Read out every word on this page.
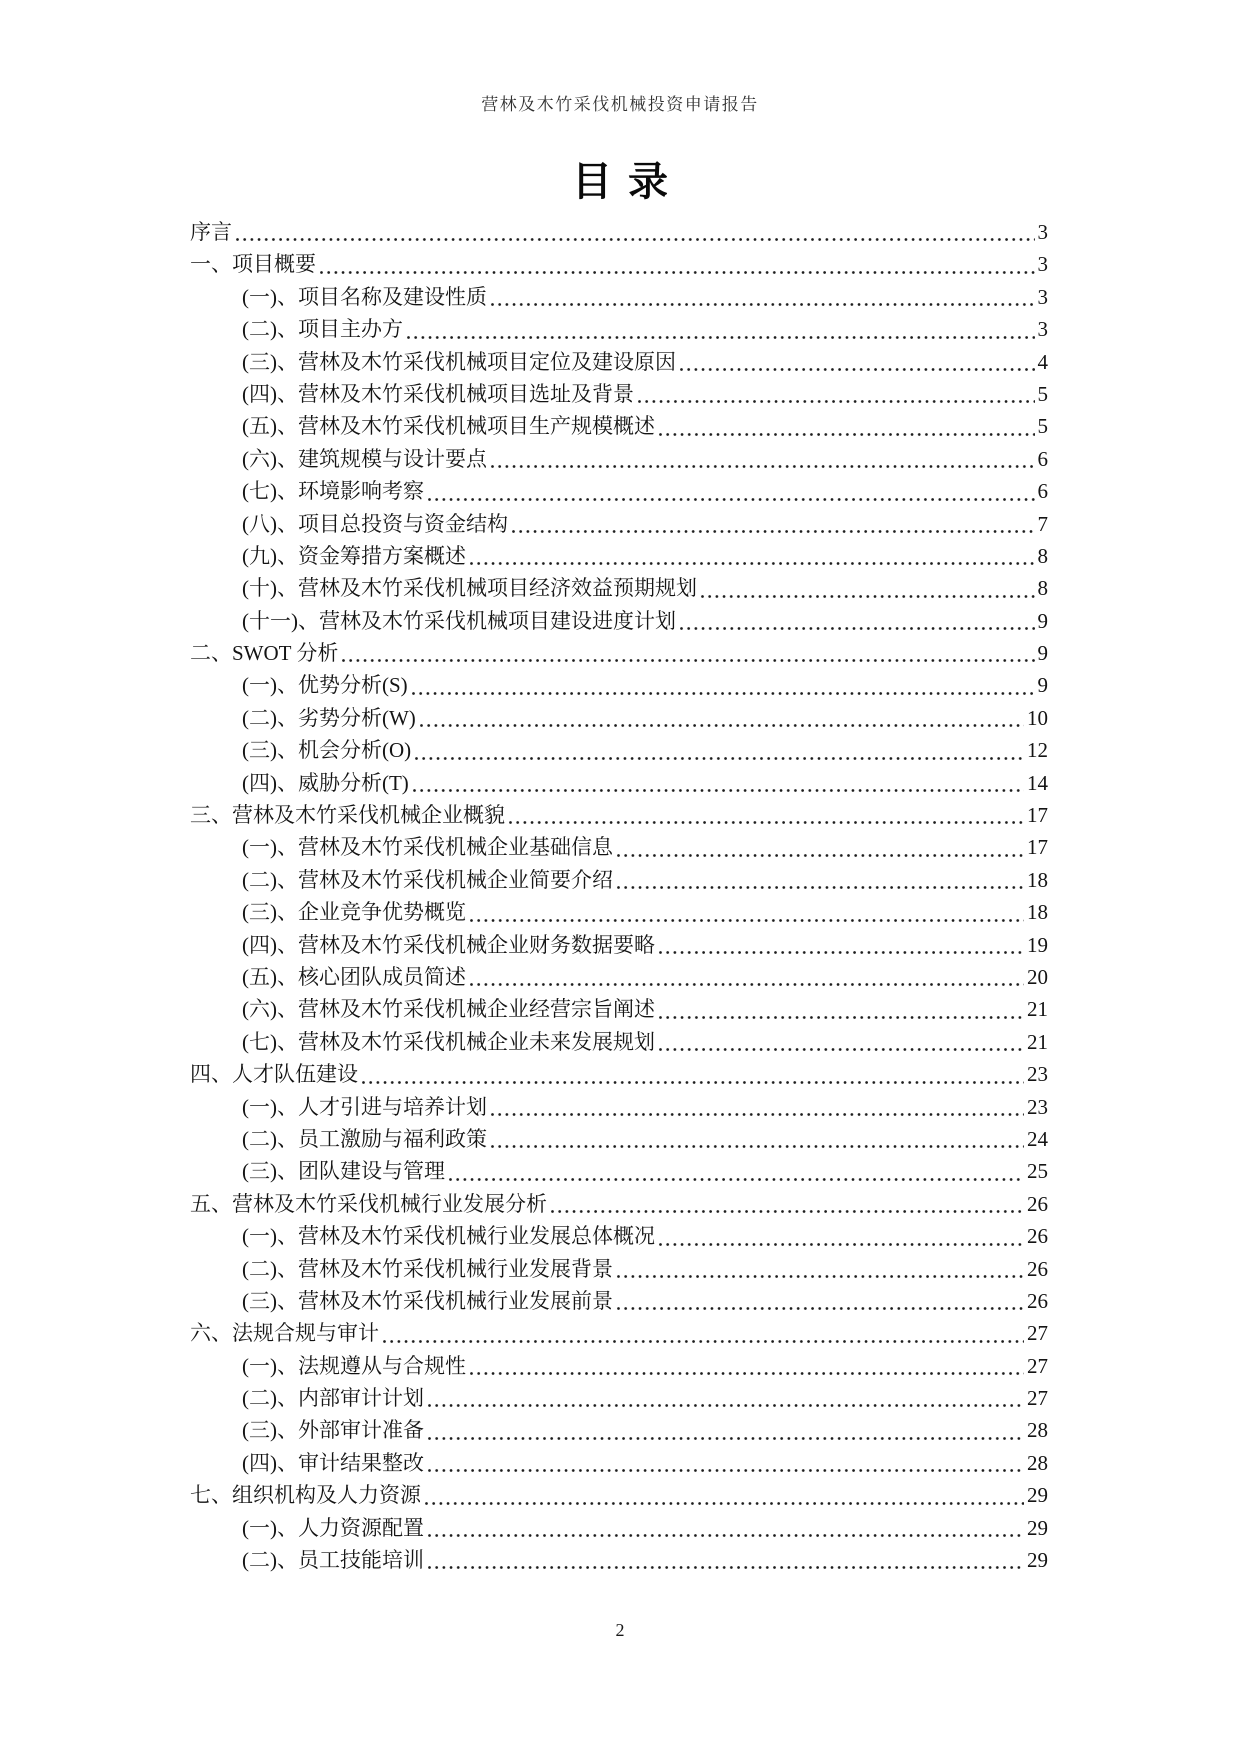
营林及木竹采伐机械投资申请报告
目 录
序言	3
一、项目概要	3
(一)、项目名称及建设性质	3
(二)、项目主办方	3
(三)、营林及木竹采伐机械项目定位及建设原因	4
(四)、营林及木竹采伐机械项目选址及背景	5
(五)、营林及木竹采伐机械项目生产规模概述	5
(六)、建筑规模与设计要点	6
(七)、环境影响考察	6
(八)、项目总投资与资金结构	7
(九)、资金筹措方案概述	8
(十)、营林及木竹采伐机械项目经济效益预期规划	8
(十一)、营林及木竹采伐机械项目建设进度计划	9
二、SWOT 分析	9
(一)、优势分析(S)	9
(二)、劣势分析(W)	10
(三)、机会分析(O)	12
(四)、威胁分析(T)	14
三、营林及木竹采伐机械企业概貌	17
(一)、营林及木竹采伐机械企业基础信息	17
(二)、营林及木竹采伐机械企业简要介绍	18
(三)、企业竞争优势概览	18
(四)、营林及木竹采伐机械企业财务数据要略	19
(五)、核心团队成员简述	20
(六)、营林及木竹采伐机械企业经营宗旨阐述	21
(七)、营林及木竹采伐机械企业未来发展规划	21
四、人才队伍建设	23
(一)、人才引进与培养计划	23
(二)、员工激励与福利政策	24
(三)、团队建设与管理	25
五、营林及木竹采伐机械行业发展分析	26
(一)、营林及木竹采伐机械行业发展总体概况	26
(二)、营林及木竹采伐机械行业发展背景	26
(三)、营林及木竹采伐机械行业发展前景	26
六、法规合规与审计	27
(一)、法规遵从与合规性	27
(二)、内部审计计划	27
(三)、外部审计准备	28
(四)、审计结果整改	28
七、组织机构及人力资源	29
(一)、人力资源配置	29
(二)、员工技能培训	29
2
